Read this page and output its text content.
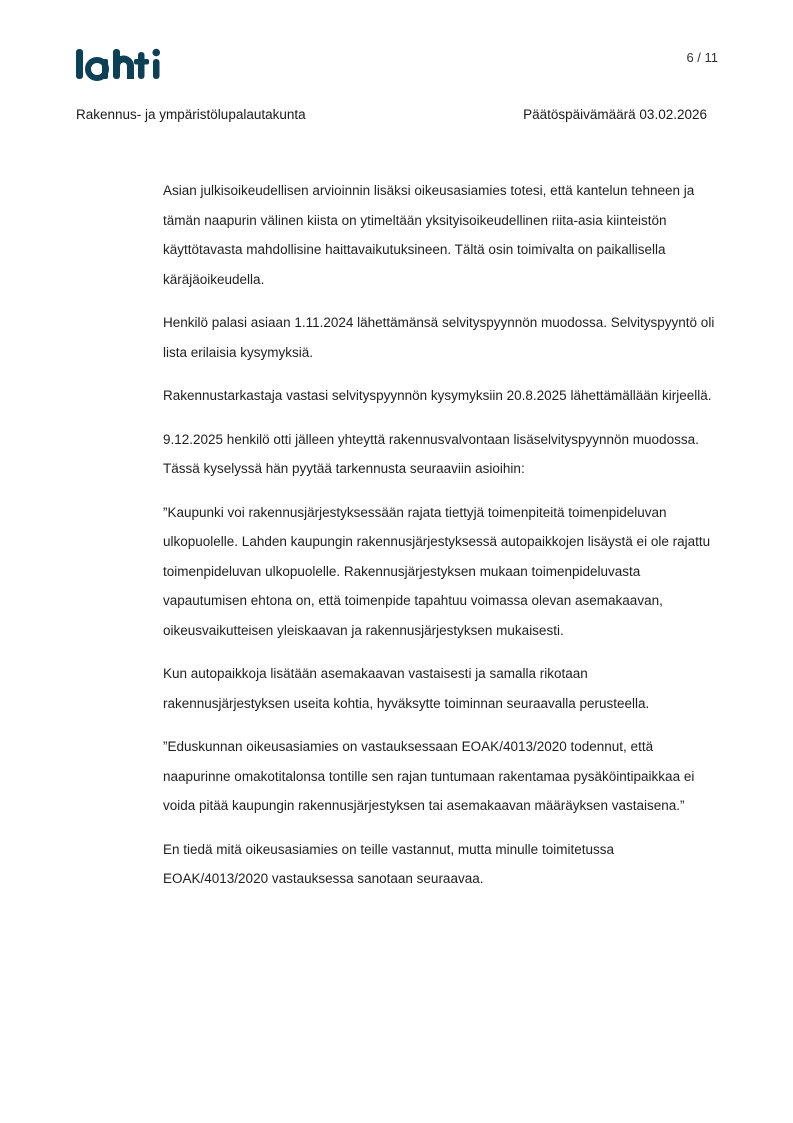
6 / 11
Rakennus- ja ympäristölupalautakunta	Päätöspäivämäärä 03.02.2026

Asian julkisoikeudellisen arvioinnin lisäksi oikeusasiamies totesi, että kantelun tehneen ja tämän naapurin välinen kiista on ytimeltään yksityisoikeudellinen riita-asia kiinteistön käyttötavasta mahdollisine haittavaikutuksineen. Tältä osin toimivalta on paikallisella käräjäoikeudella.

Henkilö palasi asiaan 1.11.2024 lähettämänsä selvityspyynnön muodossa. Selvityspyyntö oli lista erilaisia kysymyksiä.

Rakennustarkastaja vastasi selvityspyynnön kysymyksiin 20.8.2025 lähettämällään kirjeellä.

9.12.2025 henkilö otti jälleen yhteyttä rakennusvalvontaan lisäselvityspyynnön muodossa. Tässä kyselyssä hän pyytää tarkennusta seuraaviin asioihin:

”Kaupunki voi rakennusjärjestyksessään rajata tiettyjä toimenpiteitä toimenpideluvan ulkopuolelle. Lahden kaupungin rakennusjärjestyksessä autopaikkojen lisäystä ei ole rajattu toimenpideluvan ulkopuolelle. Rakennusjärjestyksen mukaan toimenpideluvasta vapautumisen ehtona on, että toimenpide tapahtuu voimassa olevan asemakaavan, oikeusvaikutteisen yleiskaavan ja rakennusjärjestyksen mukaisesti.

Kun autopaikkoja lisätään asemakaavan vastaisesti ja samalla rikotaan rakennusjärjestyksen useita kohtia, hyväksytte toiminnan seuraavalla perusteella.

”Eduskunnan oikeusasiamies on vastauksessaan EOAK/4013/2020 todennut, että naapurinne omakotitalonsa tontille sen rajan tuntumaan rakentamaa pysäköintipaikkaa ei voida pitää kaupungin rakennusjärjestyksen tai asemakaavan määräyksen vastaisena.”

En tiedä mitä oikeusasiamies on teille vastannut, mutta minulle toimitetussa EOAK/4013/2020 vastauksessa sanotaan seuraavaa.
